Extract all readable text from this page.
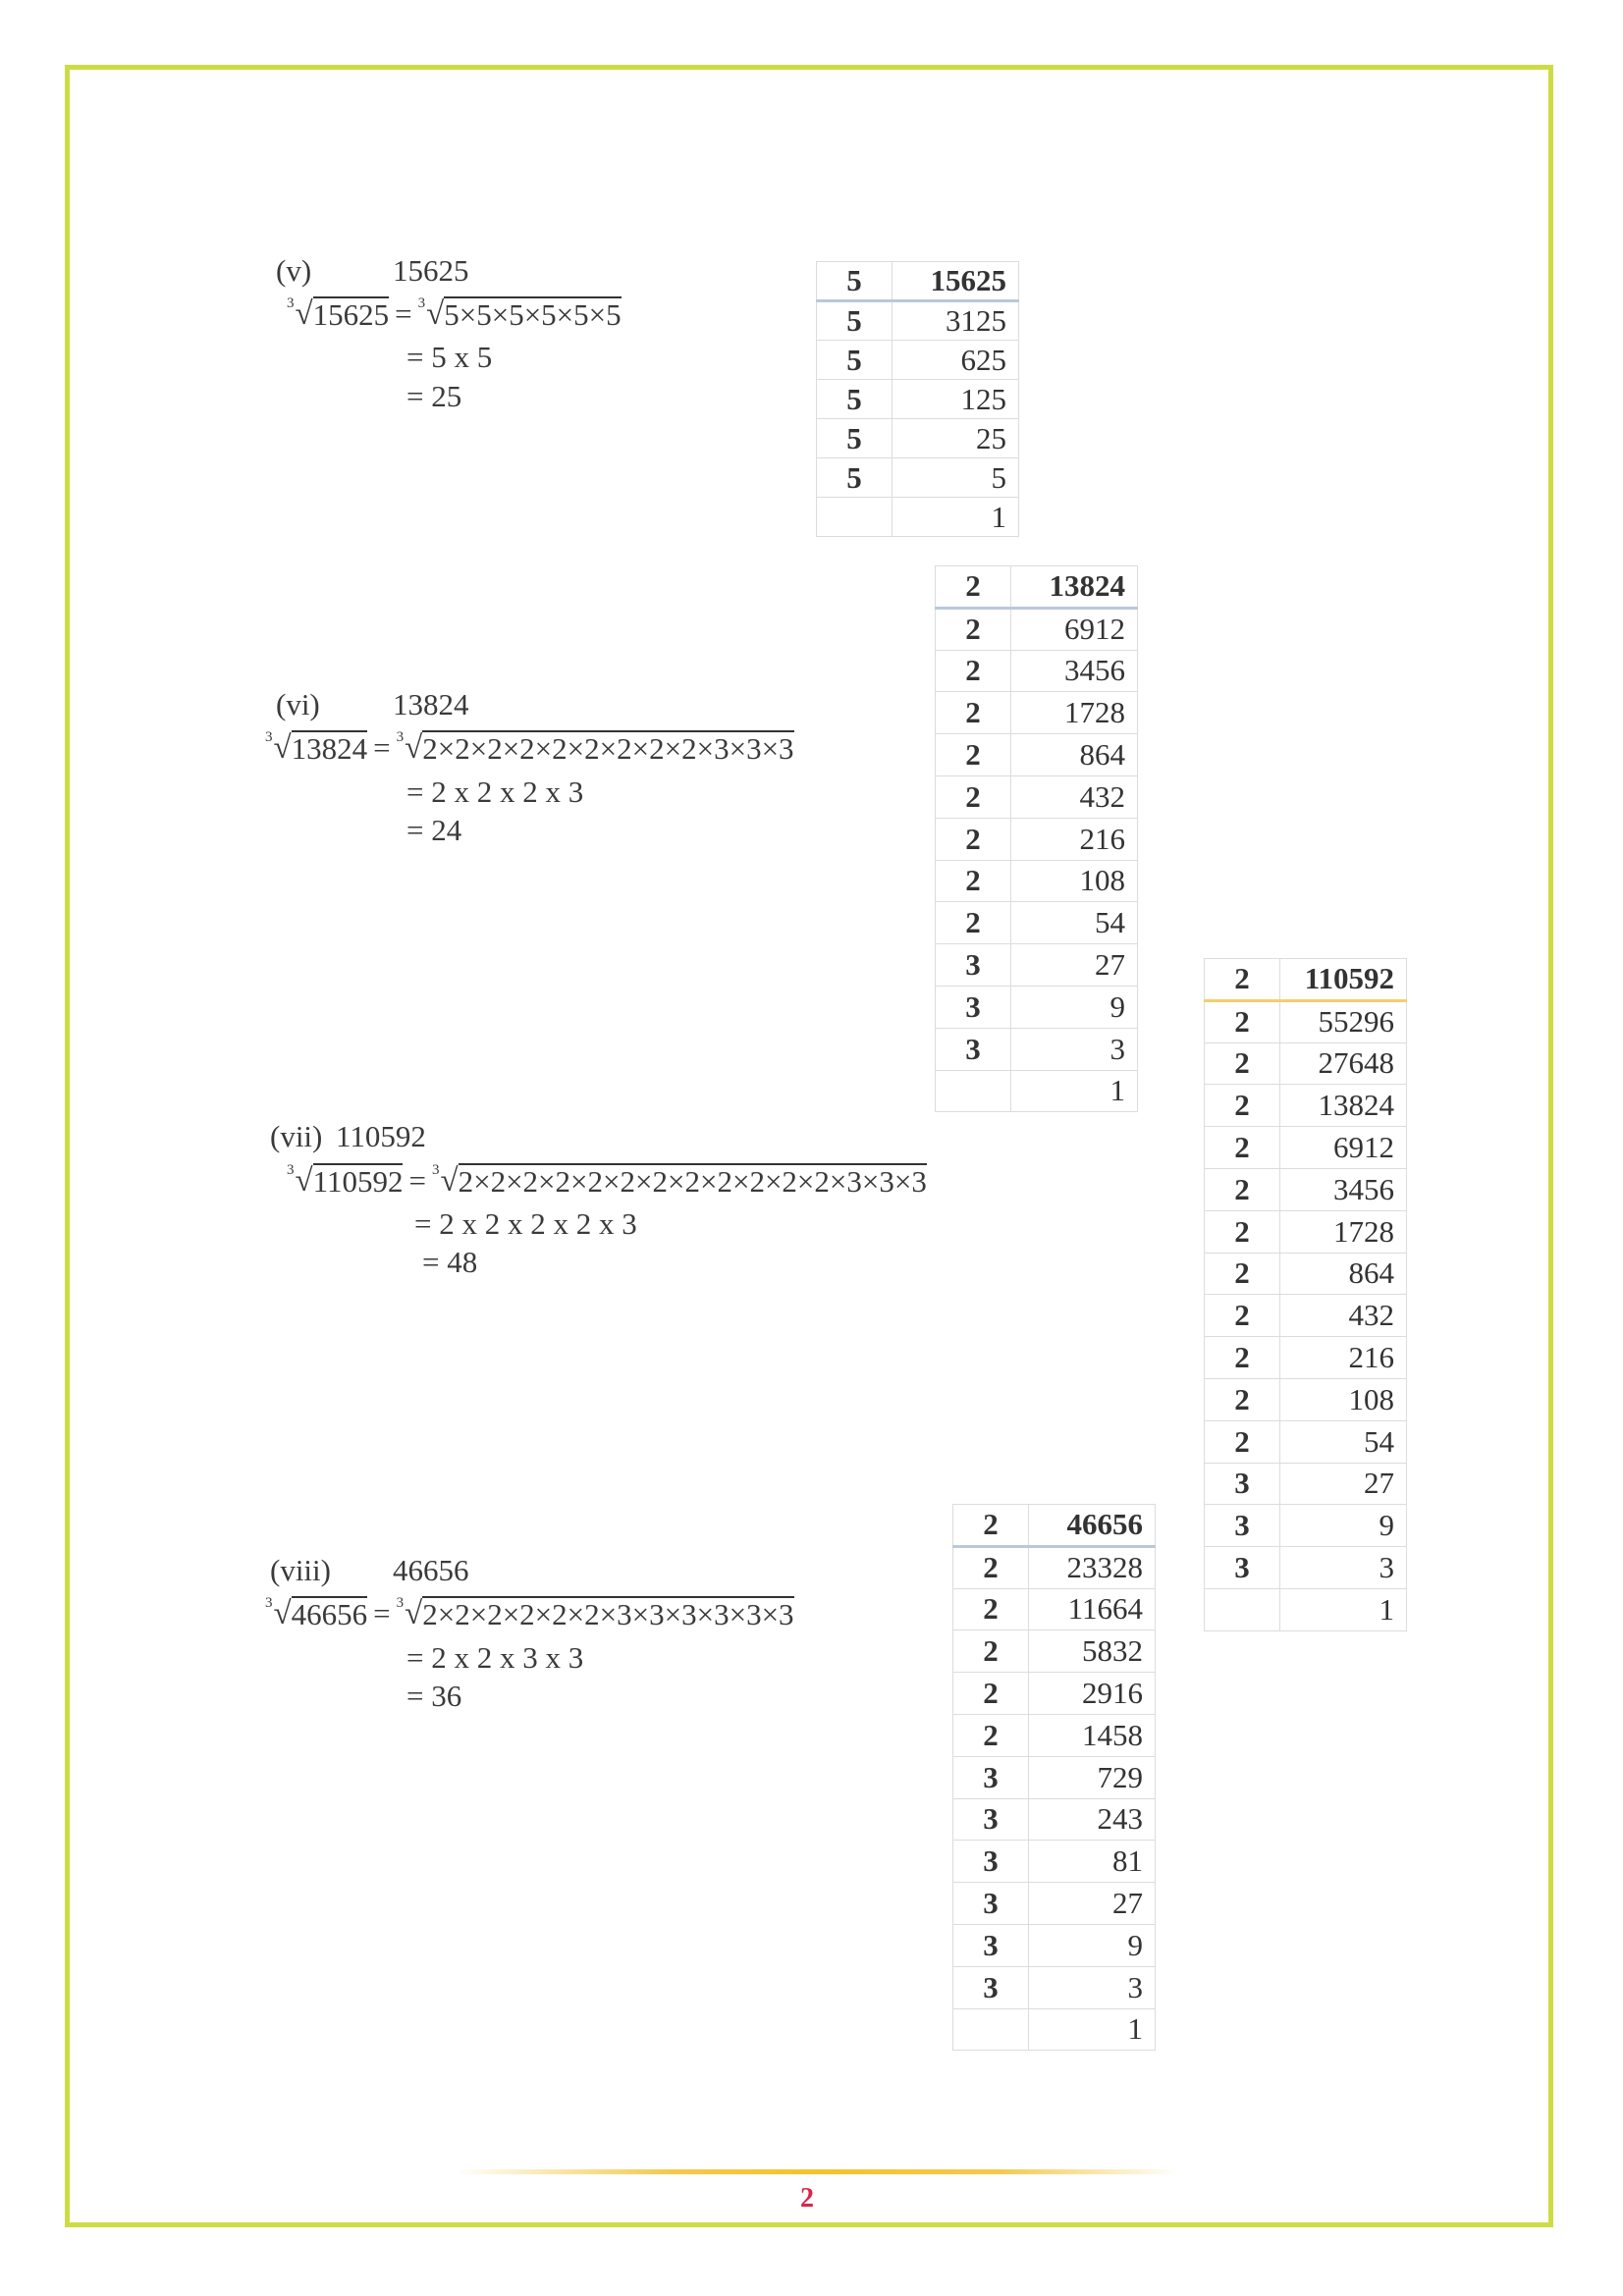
(v)	15625
3 √ 15625 = 3 √ 5×5×5×5×5×5
= 5 x 5
= 25
5	15625
5	3125
5	625
5	125
5	25
5	5
	1
(vi) 13824
3 √ 13824 = 3 √ 2×2×2×2×2×2×2×2×2×3×3×3
= 2 x 2 x 2 x 3
= 24
2	13824
2	6912
2	3456
2	1728
2	864
2	432
2	216
2	108
2	54
3	27
3	9
3	3
	1
(vii) 110592
3 √ 110592 = 3 √ 2×2×2×2×2×2×2×2×2×2×2×2×3×3×3
= 2 x 2 x 2 x 2 x 3
= 48
2	110592
2	55296
2	27648
2	13824
2	6912
2	3456
2	1728
2	864
2	432
2	216
2	108
2	54
3	27
3	9
3	3
	1
(viii) 46656
3 √ 46656 = 3 √ 2×2×2×2×2×2×3×3×3×3×3×3
= 2 x 2 x 3 x 3
= 36
2	46656
2	23328
2	11664
2	5832
2	2916
2	1458
3	729
3	243
3	81
3	27
3	9
3	3
	1
2
